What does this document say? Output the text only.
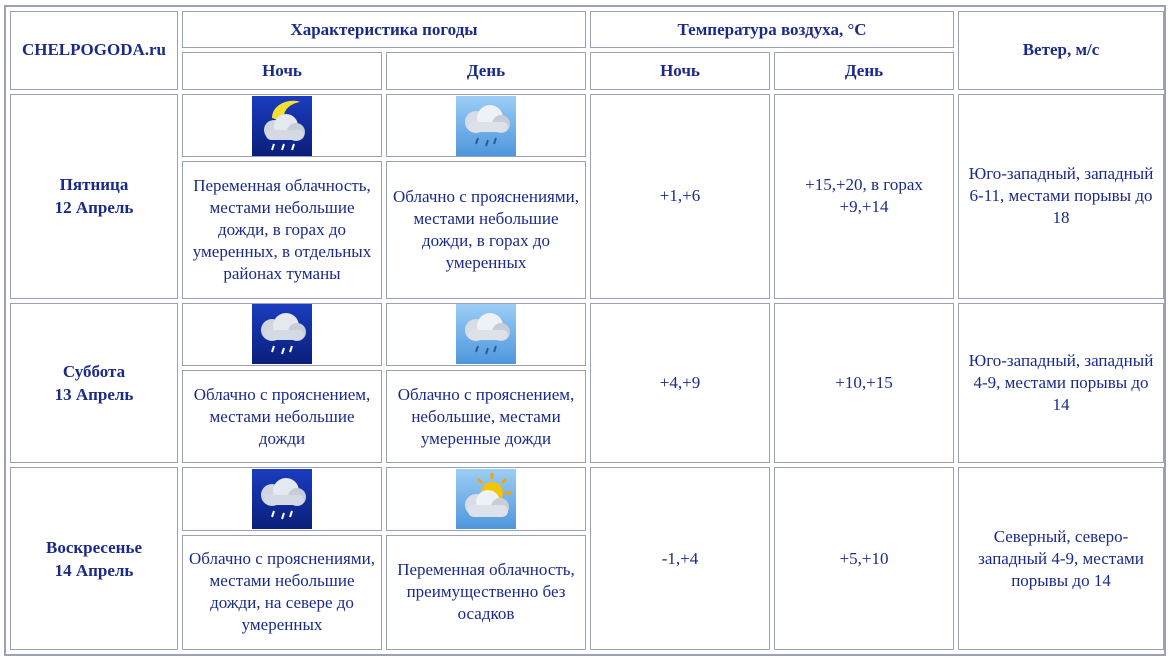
CHELPOGODA.ru	Характеристика погоды		Температура воздуха, °С		Ветер, м/с
	Ночь	День	Ночь	День	
Пятница
12 Апрель			+1,+6	+15,+20, в горах +9,+14	Юго-западный, западный 6-11, местами порывы до 18
	Переменная облачность, местами небольшие дожди, в горах до умеренных, в отдельных районах туманы	Облачно с прояснениями, местами небольшие дожди, в горах до умеренных			
Суббота
13 Апрель			+4,+9	+10,+15	Юго-западный, западный 4-9, местами порывы до 14
	Облачно с прояснением, местами небольшие дожди	Облачно с прояснением, небольшие, местами умеренные дожди			
Воскресенье
14 Апрель			-1,+4	+5,+10	Северный, северо-западный 4-9, местами порывы до 14
	Облачно с прояснениями, местами небольшие дожди, на севере до умеренных	Переменная облачность, преимущественно без осадков			
